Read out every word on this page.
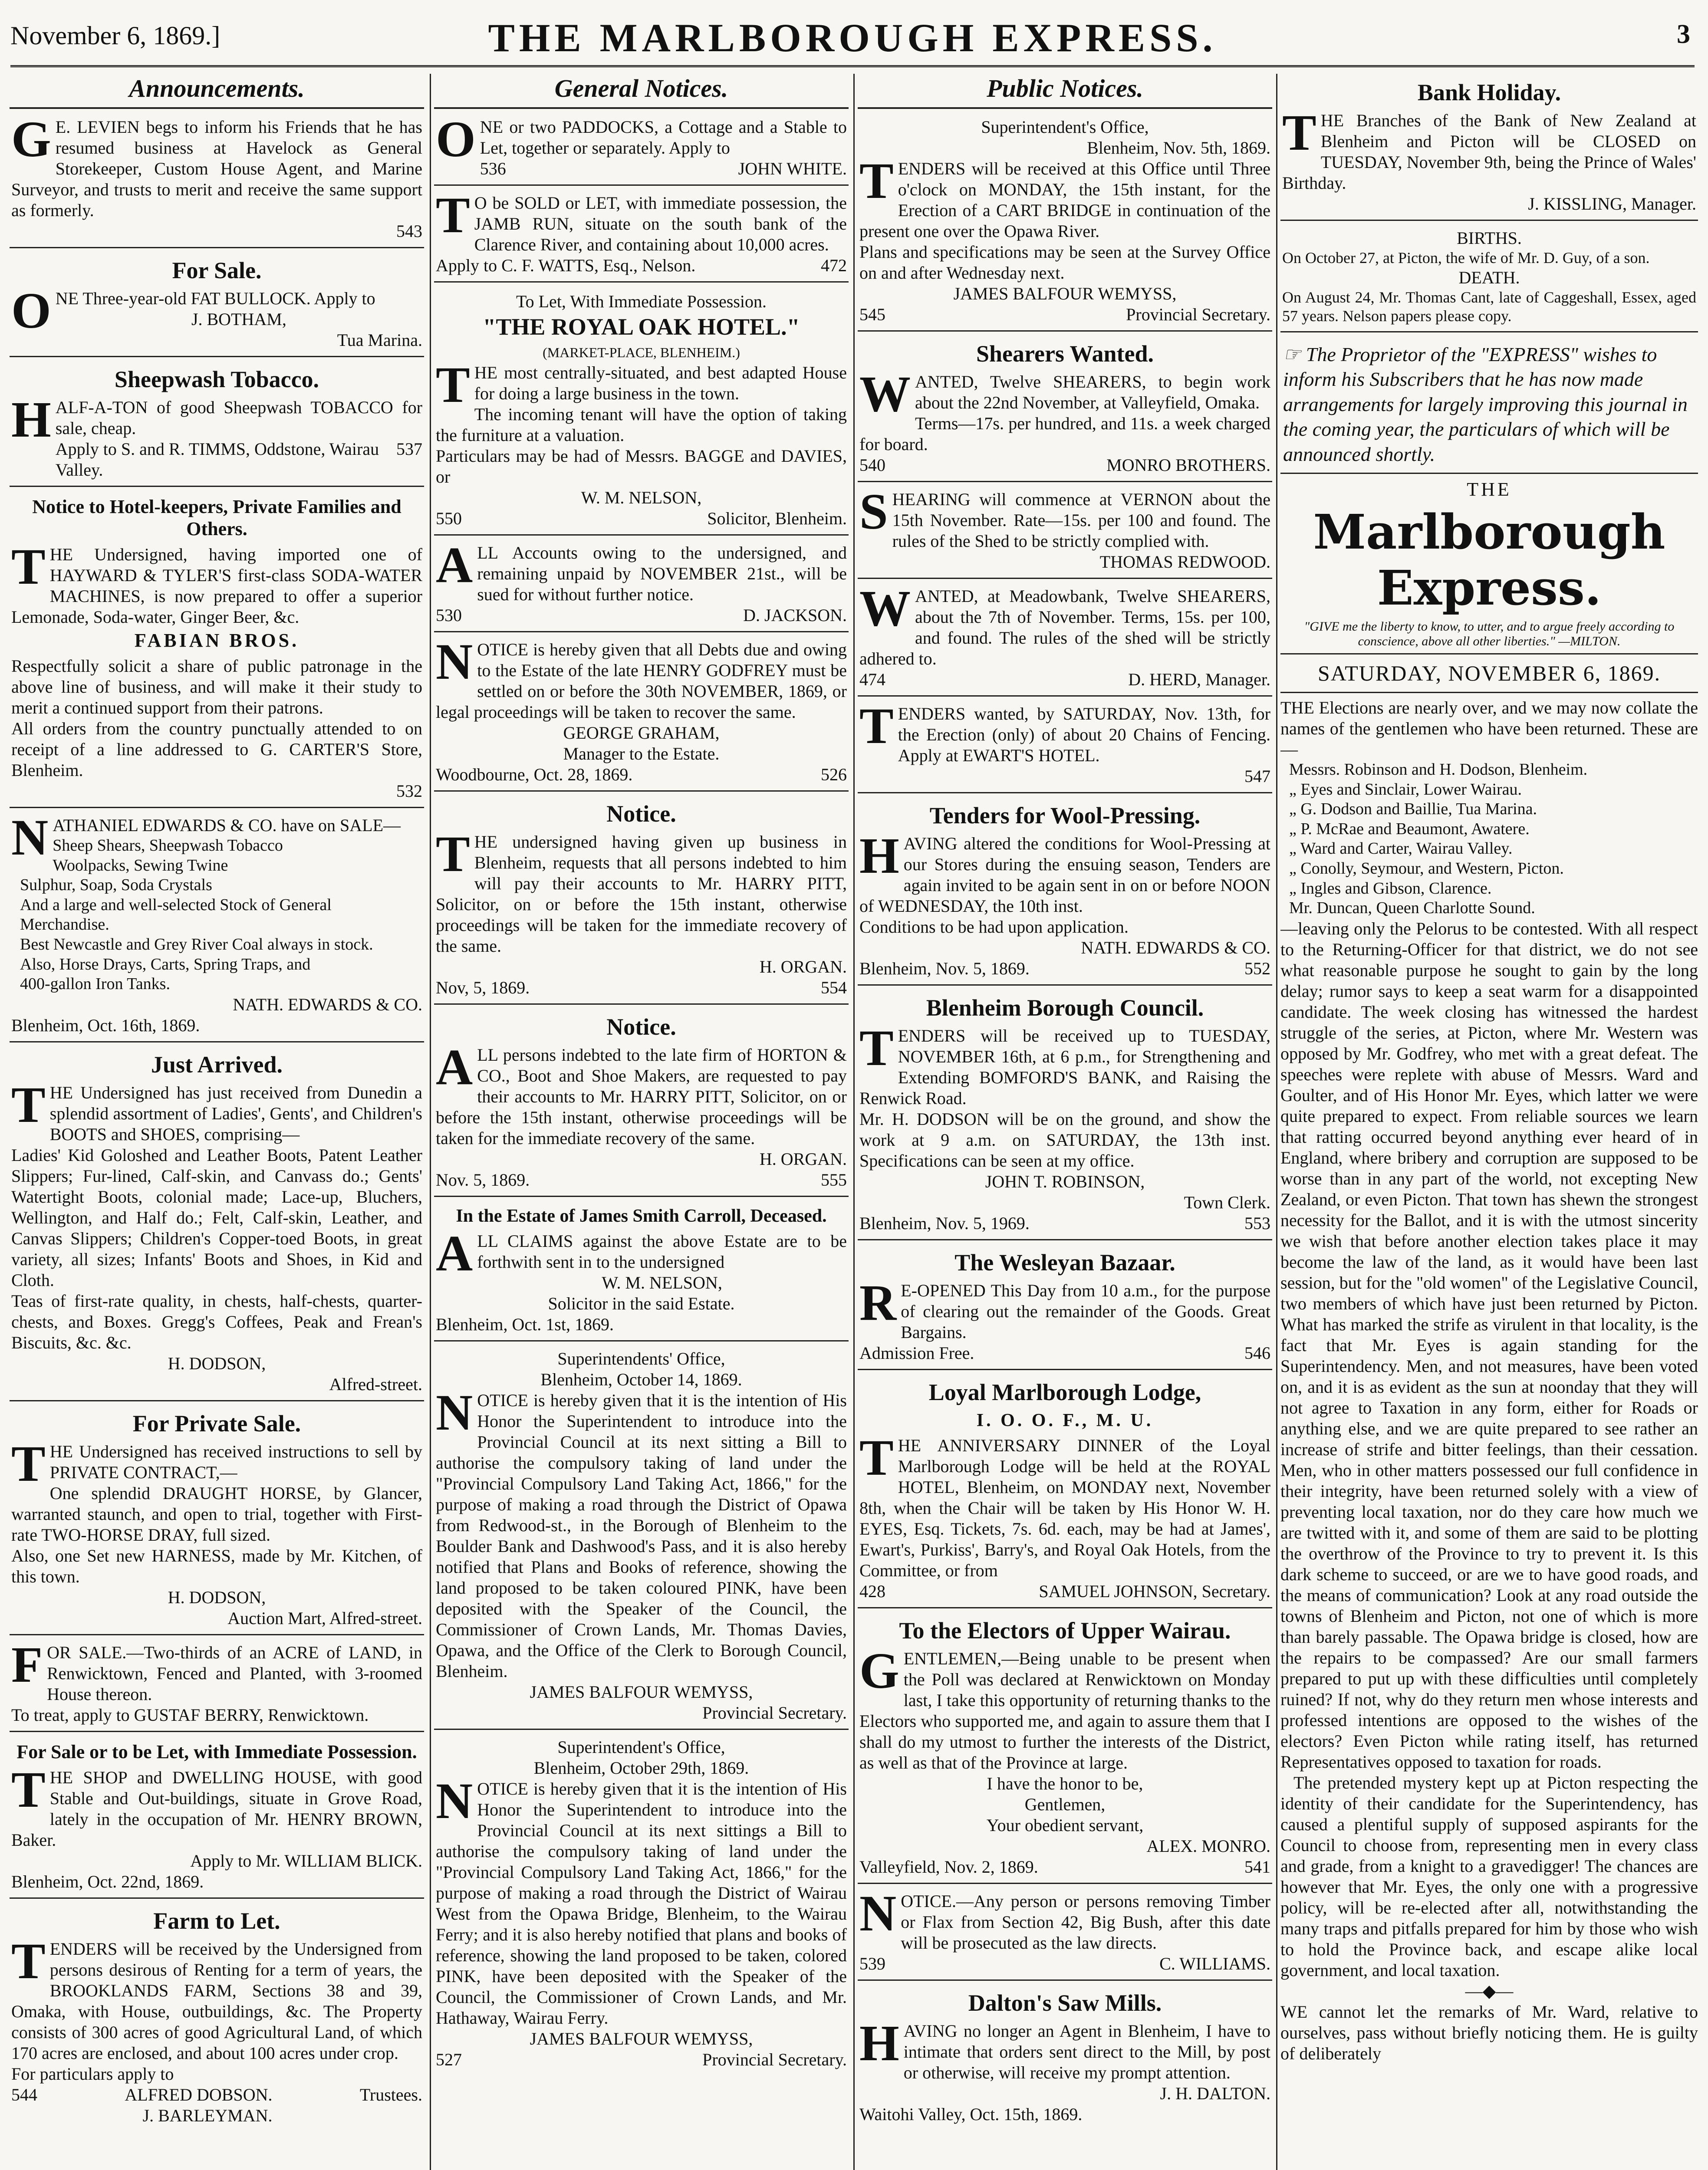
November 6, 1869.]	THE MARLBOROUGH EXPRESS.	3
Announcements.
G E. LEVIEN begs to inform his Friends that he has resumed business at Havelock as General Storekeeper, Custom House Agent, and Marine Surveyor, and trusts to merit and receive the same support as formerly.
543
For Sale.
ONE Three-year-old FAT BULLOCK. Apply to
J. BOTHAM,
Tua Marina.
Sheepwash Tobacco.
HALF-A-TON of good Sheepwash TOBACCO for sale, cheap.
Apply to S. and R. TIMMS, Oddstone, Wairau Valley.
537
Notice to Hotel-keepers, Private Families and Others.
THE Undersigned, having imported one of HAYWARD & TYLER'S first-class SODA-WATER MACHINES, is now prepared to offer a superior Lemonade, Soda-water, Ginger Beer, &c.
FABIAN BROS.
Respectfully solicit a share of public patronage in the above line of business, and will make it their study to merit a continued support from their patrons.
All orders from the country punctually attended to on receipt of a line addressed to G. CARTER'S Store, Blenheim.
532
NATHANIEL EDWARDS & CO. have on SALE—
Sheep Shears, Sheepwash Tobacco
Woolpacks, Sewing Twine
Sulphur, Soap, Soda Crystals
And a large and well-selected Stock of General Merchandise.
Best Newcastle and Grey River Coal always in stock.
Also, Horse Drays, Carts, Spring Traps, and
400-gallon Iron Tanks.
NATH. EDWARDS & CO.
Blenheim, Oct. 16th, 1869.
Just Arrived.
THE Undersigned has just received from Dunedin a splendid assortment of Ladies', Gents', and Children's BOOTS and SHOES, comprising—
Ladies' Kid Goloshed and Leather Boots, Patent Leather Slippers; Fur-lined, Calf-skin, and Canvass do.; Gents' Watertight Boots, colonial made; Lace-up, Bluchers, Wellington, and Half do.; Felt, Calf-skin, Leather, and Canvas Slippers; Children's Copper-toed Boots, in great variety, all sizes; Infants' Boots and Shoes, in Kid and Cloth.
Teas of first-rate quality, in chests, half-chests, quarter-chests, and Boxes. Gregg's Coffees, Peak and Frean's Biscuits, &c. &c.
H. DODSON,
Alfred-street.
For Private Sale.
THE Undersigned has received instructions to sell by PRIVATE CONTRACT,—
One splendid DRAUGHT HORSE, by Glancer, warranted staunch, and open to trial, together with First-rate TWO-HORSE DRAY, full sized.
Also, one Set new HARNESS, made by Mr. Kitchen, of this town.
H. DODSON,
Auction Mart, Alfred-street.
FOR SALE.—Two-thirds of an ACRE of LAND, in Renwicktown, Fenced and Planted, with 3-roomed House thereon.
To treat, apply to GUSTAF BERRY, Renwicktown.
For Sale or to be Let, with Immediate Possession.
THE SHOP and DWELLING HOUSE, with good Stable and Out-buildings, situate in Grove Road, lately in the occupation of Mr. HENRY BROWN, Baker.
Apply to Mr. WILLIAM BLICK.
Blenheim, Oct. 22nd, 1869.
Farm to Let.
TENDERS will be received by the Undersigned from persons desirous of Renting for a term of years, the BROOKLANDS FARM, Sections 38 and 39, Omaka, with House, outbuildings, &c. The Property consists of 300 acres of good Agricultural Land, of which 170 acres are enclosed, and about 100 acres under crop.
For particulars apply to
544	ALFRED DOBSON.
J. BARLEYMAN.
Trustees.
General Notices.
ONE or two PADDOCKS, a Cottage and a Stable to Let, together or separately. Apply to
536	JOHN WHITE.
T O be SOLD or LET, with immediate possession, the JAMB RUN, situate on the south bank of the Clarence River, and containing about 10,000 acres.
Apply to C. F. WATTS, Esq., Nelson.	472
To Let, With Immediate Possession.
"THE ROYAL OAK HOTEL."
(MARKET-PLACE, BLENHEIM.)
THE most centrally-situated, and best adapted House for doing a large business in the town.
The incoming tenant will have the option of taking the furniture at a valuation.
Particulars may be had of Messrs. BAGGE and DAVIES, or
W. M. NELSON,
550	Solicitor, Blenheim.
ALL Accounts owing to the undersigned, and remaining unpaid by NOVEMBER 21st., will be sued for without further notice.
530	D. JACKSON.
NOTICE is hereby given that all Debts due and owing to the Estate of the late HENRY GODFREY must be settled on or before the 30th NOVEMBER, 1869, or legal proceedings will be taken to recover the same.
GEORGE GRAHAM,
Manager to the Estate.
Woodbourne, Oct. 28, 1869.	526
Notice.
THE undersigned having given up business in Blenheim, requests that all persons indebted to him will pay their accounts to Mr. HARRY PITT, Solicitor, on or before the 15th instant, otherwise proceedings will be taken for the immediate recovery of the same.
H. ORGAN.
Nov, 5, 1869.	554
Notice.
ALL persons indebted to the late firm of HORTON & CO., Boot and Shoe Makers, are requested to pay their accounts to Mr. HARRY PITT, Solicitor, on or before the 15th instant, otherwise proceedings will be taken for the immediate recovery of the same.
H. ORGAN.
Nov. 5, 1869.	555
In the Estate of James Smith Carroll, Deceased.
ALL CLAIMS against the above Estate are to be forthwith sent in to the undersigned
W. M. NELSON,
Solicitor in the said Estate.
Blenheim, Oct. 1st, 1869.
Superintendents' Office,
Blenheim, October 14, 1869.
NOTICE is hereby given that it is the intention of His Honor the Superintendent to introduce into the Provincial Council at its next sitting a Bill to authorise the compulsory taking of land under the "Provincial Compulsory Land Taking Act, 1866," for the purpose of making a road through the District of Opawa from Redwood-st., in the Borough of Blenheim to the Boulder Bank and Dashwood's Pass, and it is also hereby notified that Plans and Books of reference, showing the land proposed to be taken coloured PINK, have been deposited with the Speaker of the Council, the Commissioner of Crown Lands, Mr. Thomas Davies, Opawa, and the Office of the Clerk to Borough Council, Blenheim.
JAMES BALFOUR WEMYSS,
Provincial Secretary.
Superintendent's Office,
Blenheim, October 29th, 1869.
NOTICE is hereby given that it is the intention of His Honor the Superintendent to introduce into the Provincial Council at its next sittings a Bill to authorise the compulsory taking of land under the "Provincial Compulsory Land Taking Act, 1866," for the purpose of making a road through the District of Wairau West from the Opawa Bridge, Blenheim, to the Wairau Ferry; and it is also hereby notified that plans and books of reference, showing the land proposed to be taken, colored PINK, have been deposited with the Speaker of the Council, the Commissioner of Crown Lands, and Mr. Hathaway, Wairau Ferry.
JAMES BALFOUR WEMYSS,
527	Provincial Secretary.
Public Notices.
Superintendent's Office,
Blenheim, Nov. 5th, 1869.
TENDERS will be received at this Office until Three o'clock on MONDAY, the 15th instant, for the Erection of a CART BRIDGE in continuation of the present one over the Opawa River.
Plans and specifications may be seen at the Survey Office on and after Wednesday next.
JAMES BALFOUR WEMYSS,
545	Provincial Secretary.
Shearers Wanted.
WANTED, Twelve SHEARERS, to begin work about the 22nd November, at Valleyfield, Omaka.
Terms—17s. per hundred, and 11s. a week charged for board.
540	MONRO BROTHERS.
SHEARING will commence at VERNON about the 15th November. Rate—15s. per 100 and found. The rules of the Shed to be strictly complied with.
THOMAS REDWOOD.
WANTED, at Meadowbank, Twelve SHEARERS, about the 7th of November. Terms, 15s. per 100, and found. The rules of the shed will be strictly adhered to.
474	D. HERD, Manager.
TENDERS wanted, by SATURDAY, Nov. 13th, for the Erection (only) of about 20 Chains of Fencing. Apply at EWART'S HOTEL.
547
Tenders for Wool-Pressing.
HAVING altered the conditions for Wool-Pressing at our Stores during the ensuing season, Tenders are again invited to be again sent in on or before NOON of WEDNESDAY, the 10th inst.
Conditions to be had upon application.
NATH. EDWARDS & CO.
Blenheim, Nov. 5, 1869.	552
Blenheim Borough Council.
TENDERS will be received up to TUESDAY, NOVEMBER 16th, at 6 p.m., for Strengthening and Extending BOMFORD'S BANK, and Raising the Renwick Road.
Mr. H. DODSON will be on the ground, and show the work at 9 a.m. on SATURDAY, the 13th inst. Specifications can be seen at my office.
JOHN T. ROBINSON,
Town Clerk.
Blenheim, Nov. 5, 1969.	553
The Wesleyan Bazaar.
R E-OPENED This Day from 10 a.m., for the purpose of clearing out the remainder of the Goods. Great Bargains.
Admission Free.	546
Loyal Marlborough Lodge,
I. O. O. F., M. U.
THE ANNIVERSARY DINNER of the Loyal Marlborough Lodge will be held at the ROYAL HOTEL, Blenheim, on MONDAY next, November 8th, when the Chair will be taken by His Honor W. H. EYES, Esq. Tickets, 7s. 6d. each, may be had at James', Ewart's, Purkiss', Barry's, and Royal Oak Hotels, from the Committee, or from
428	SAMUEL JOHNSON, Secretary.
To the Electors of Upper Wairau.
GENTLEMEN,—Being unable to be present when the Poll was declared at Renwicktown on Monday last, I take this opportunity of returning thanks to the Electors who supported me, and again to assure them that I shall do my utmost to further the interests of the District, as well as that of the Province at large.
I have the honor to be,
Gentlemen,
Your obedient servant,
ALEX. MONRO.
Valleyfield, Nov. 2, 1869.	541
NOTICE.—Any person or persons removing Timber or Flax from Section 42, Big Bush, after this date will be prosecuted as the law directs.
539	C. WILLIAMS.
Dalton's Saw Mills.
HAVING no longer an Agent in Blenheim, I have to intimate that orders sent direct to the Mill, by post or otherwise, will receive my prompt attention.
J. H. DALTON.
Waitohi Valley, Oct. 15th, 1869.
Bank Holiday.
THE Branches of the Bank of New Zealand at Blenheim and Picton will be CLOSED on TUESDAY, November 9th, being the Prince of Wales' Birthday.
J. KISSLING, Manager.
BIRTHS.
On October 27, at Picton, the wife of Mr. D. Guy, of a son.
DEATH.
On August 24, Mr. Thomas Cant, late of Caggeshall, Essex, aged 57 years. Nelson papers please copy.
☞ The Proprietor of the "EXPRESS" wishes to inform his Subscribers that he has now made arrangements for largely improving this journal in the coming year, the particulars of which will be announced shortly.
THE
Marlborough Express.
"GIVE me the liberty to know, to utter, and to argue freely according to conscience, above all other liberties." —MILTON.
SATURDAY, NOVEMBER 6, 1869.
THE Elections are nearly over, and we may now collate the names of the gentlemen who have been returned. These are—
Messrs. Robinson and H. Dodson, Blenheim.
„ Eyes and Sinclair, Lower Wairau.
„ G. Dodson and Baillie, Tua Marina.
„ P. McRae and Beaumont, Awatere.
„ Ward and Carter, Wairau Valley.
„ Conolly, Seymour, and Western, Picton.
„ Ingles and Gibson, Clarence.
Mr. Duncan, Queen Charlotte Sound.
—leaving only the Pelorus to be contested. With all respect to the Returning-Officer for that district, we do not see what reasonable purpose he sought to gain by the long delay; rumor says to keep a seat warm for a disappointed candidate. The week closing has witnessed the hardest struggle of the series, at Picton, where Mr. Western was opposed by Mr. Godfrey, who met with a great defeat. The speeches were replete with abuse of Messrs. Ward and Goulter, and of His Honor Mr. Eyes, which latter we were quite prepared to expect. From reliable sources we learn that ratting occurred beyond anything ever heard of in England, where bribery and corruption are supposed to be worse than in any part of the world, not excepting New Zealand, or even Picton. That town has shewn the strongest necessity for the Ballot, and it is with the utmost sincerity we wish that before another election takes place it may become the law of the land, as it would have been last session, but for the "old women" of the Legislative Council, two members of which have just been returned by Picton. What has marked the strife as virulent in that locality, is the fact that Mr. Eyes is again standing for the Superintendency. Men, and not measures, have been voted on, and it is as evident as the sun at noonday that they will not agree to Taxation in any form, either for Roads or anything else, and we are quite prepared to see rather an increase of strife and bitter feelings, than their cessation. Men, who in other matters possessed our full confidence in their integrity, have been returned solely with a view of preventing local taxation, nor do they care how much we are twitted with it, and some of them are said to be plotting the overthrow of the Province to try to prevent it. Is this dark scheme to succeed, or are we to have good roads, and the means of communication? Look at any road outside the towns of Blenheim and Picton, not one of which is more than barely passable. The Opawa bridge is closed, how are the repairs to be compassed? Are our small farmers prepared to put up with these difficulties until completely ruined? If not, why do they return men whose interests and professed intentions are opposed to the wishes of the electors? Even Picton while rating itself, has returned Representatives opposed to taxation for roads.
The pretended mystery kept up at Picton respecting the identity of their candidate for the Superintendency, has caused a plentiful supply of supposed aspirants for the Council to choose from, representing men in every class and grade, from a knight to a gravedigger! The chances are however that Mr. Eyes, the only one with a progressive policy, will be re-elected after all, notwithstanding the many traps and pitfalls prepared for him by those who wish to hold the Province back, and escape alike local government, and local taxation.
—◆—
WE cannot let the remarks of Mr. Ward, relative to ourselves, pass without briefly noticing them. He is guilty of deliberately
